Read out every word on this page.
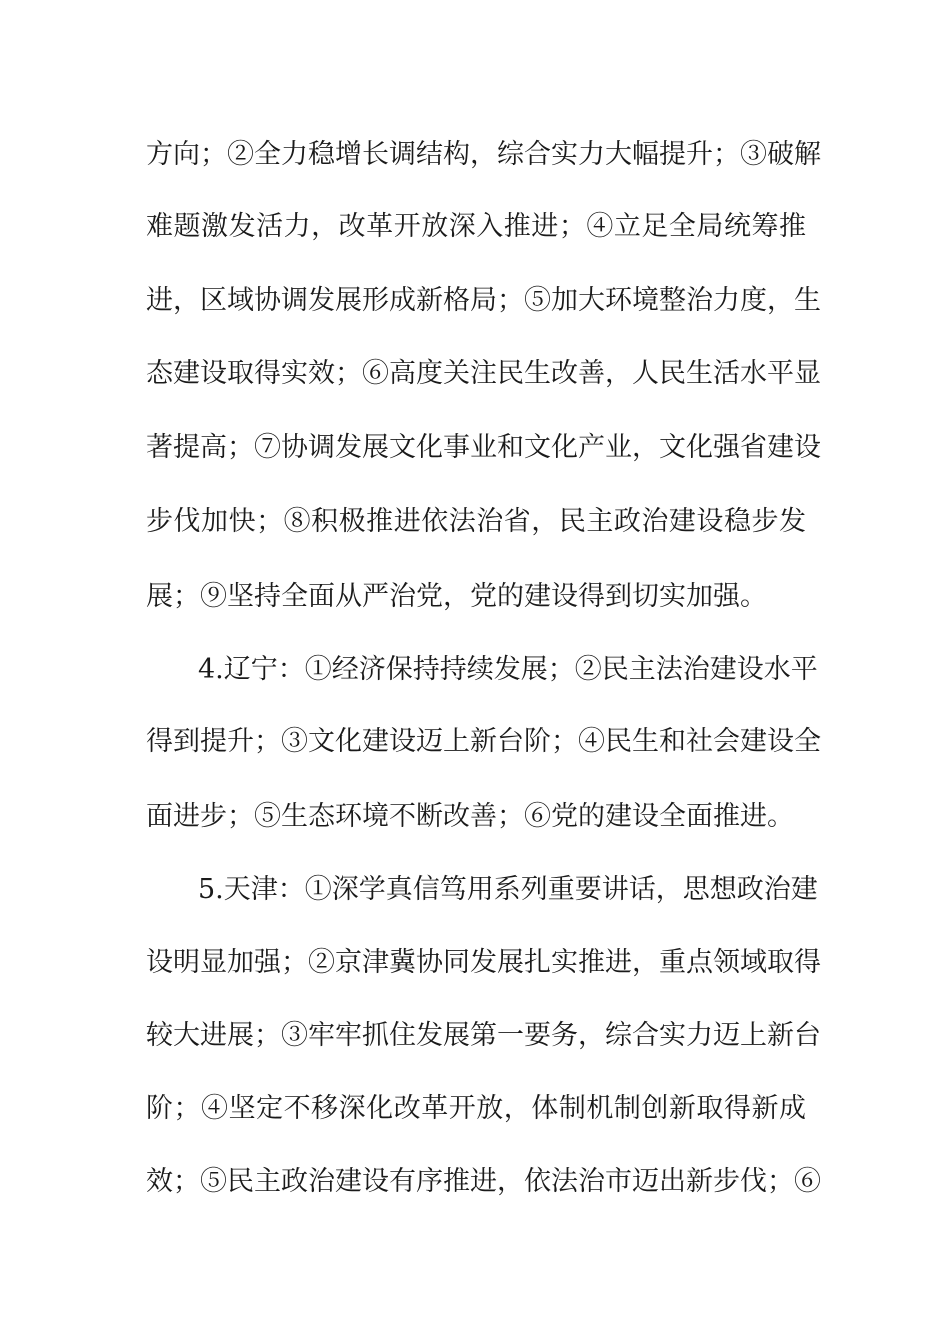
方向；②全力稳增长调结构，综合实力大幅提升；③破解
难题激发活力，改革开放深入推进；④立足全局统筹推
进，区域协调发展形成新格局；⑤加大环境整治力度，生
态建设取得实效；⑥高度关注民生改善，人民生活水平显
著提高；⑦协调发展文化事业和文化产业，文化强省建设
步伐加快；⑧积极推进依法治省，民主政治建设稳步发
展；⑨坚持全面从严治党，党的建设得到切实加强。
4.辽宁：①经济保持持续发展；②民主法治建设水平
得到提升；③文化建设迈上新台阶；④民生和社会建设全
面进步；⑤生态环境不断改善；⑥党的建设全面推进。
5.天津：①深学真信笃用系列重要讲话，思想政治建
设明显加强；②京津冀协同发展扎实推进，重点领域取得
较大进展；③牢牢抓住发展第一要务，综合实力迈上新台
阶；④坚定不移深化改革开放，体制机制创新取得新成
效；⑤民主政治建设有序推进，依法治市迈出新步伐；⑥
